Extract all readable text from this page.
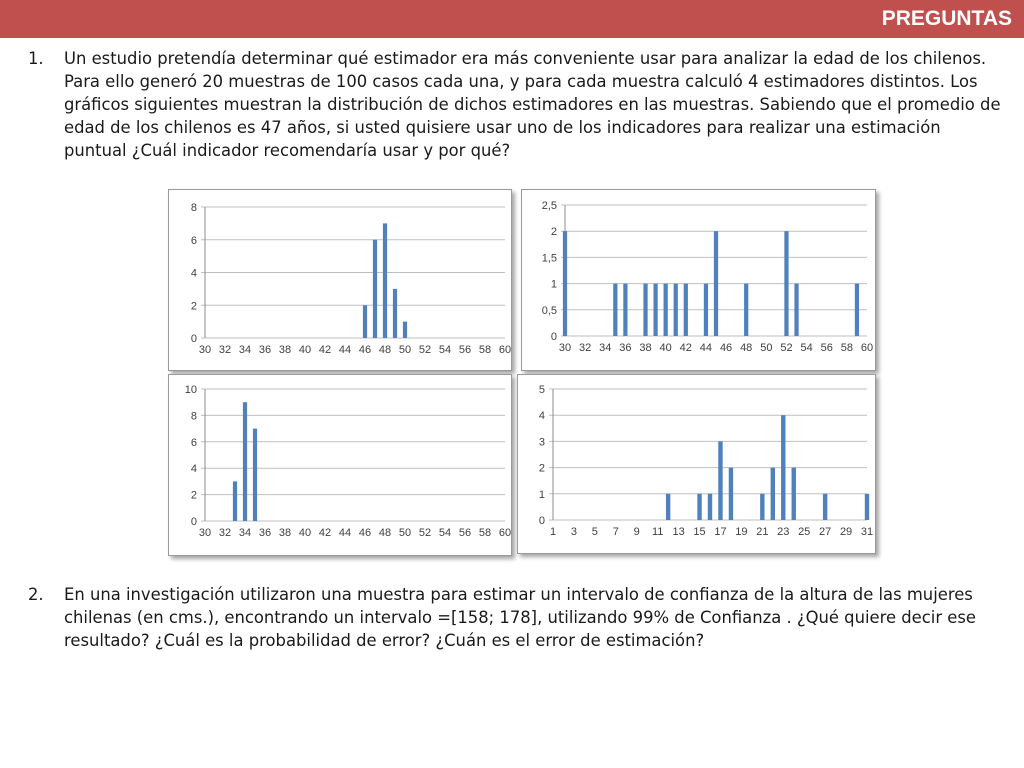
PREGUNTAS
1.	Un estudio pretendía determinar qué estimador era más conveniente usar para analizar la edad de los chilenos. Para ello generó 20 muestras de 100 casos cada una, y para cada muestra calculó 4 estimadores distintos. Los gráficos siguientes muestran la distribución de dichos estimadores en las muestras. Sabiendo que el promedio de edad de los chilenos es 47 años, si usted quisiere usar uno de los indicadores para realizar una estimación puntual ¿Cuál indicador recomendaría usar y por qué?
0
2
4
6
8
30 32 34 36 38 40 42 44 46 48 50 52 54 56 58 60
0
0,5
1
1,5
2
2,5
30 32 34 36 38 40 42 44 46 48 50 52 54 56 58 60
0
2
4
6
8
10
30 32 34 36 38 40 42 44 46 48 50 52 54 56 58 60
0
1
2
3
4
5
1 3 5 7 9 11 13 15 17 19 21 23 25 27 29 31
2.	En una investigación utilizaron una muestra para estimar un intervalo de confianza de la altura de las mujeres chilenas (en cms.), encontrando un intervalo =[158; 178], utilizando 99% de Confianza . ¿Qué quiere decir ese resultado? ¿Cuál es la probabilidad de error? ¿Cuán es el error de estimación?
